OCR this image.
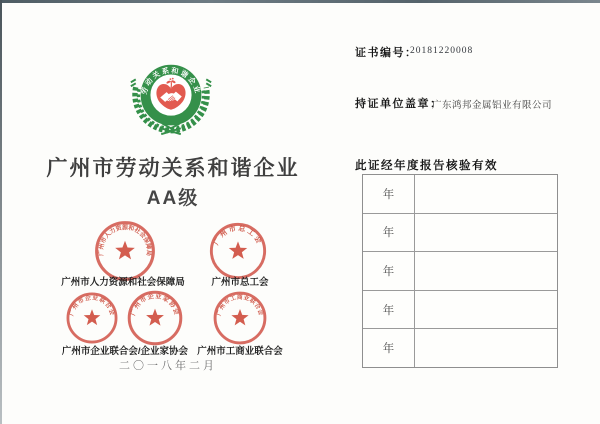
劳动关系和谐企业
广州市劳动关系和谐企业
AA级
广州市人力资源和社会保障局
广州市总工会
广州市人力资源和社会保障局	广州市总工会
广州市企业联合会 广州市企业家协会	广州市工商业联合会
广州市企业联合会/企业家协会 广州市工商业联合会
二〇一八年二月
证书编号：
20181220008
持证单位盖章：
广东鸿邦金属铝业有限公司
此证经年度报告核验有效
年
年
年
年
年
